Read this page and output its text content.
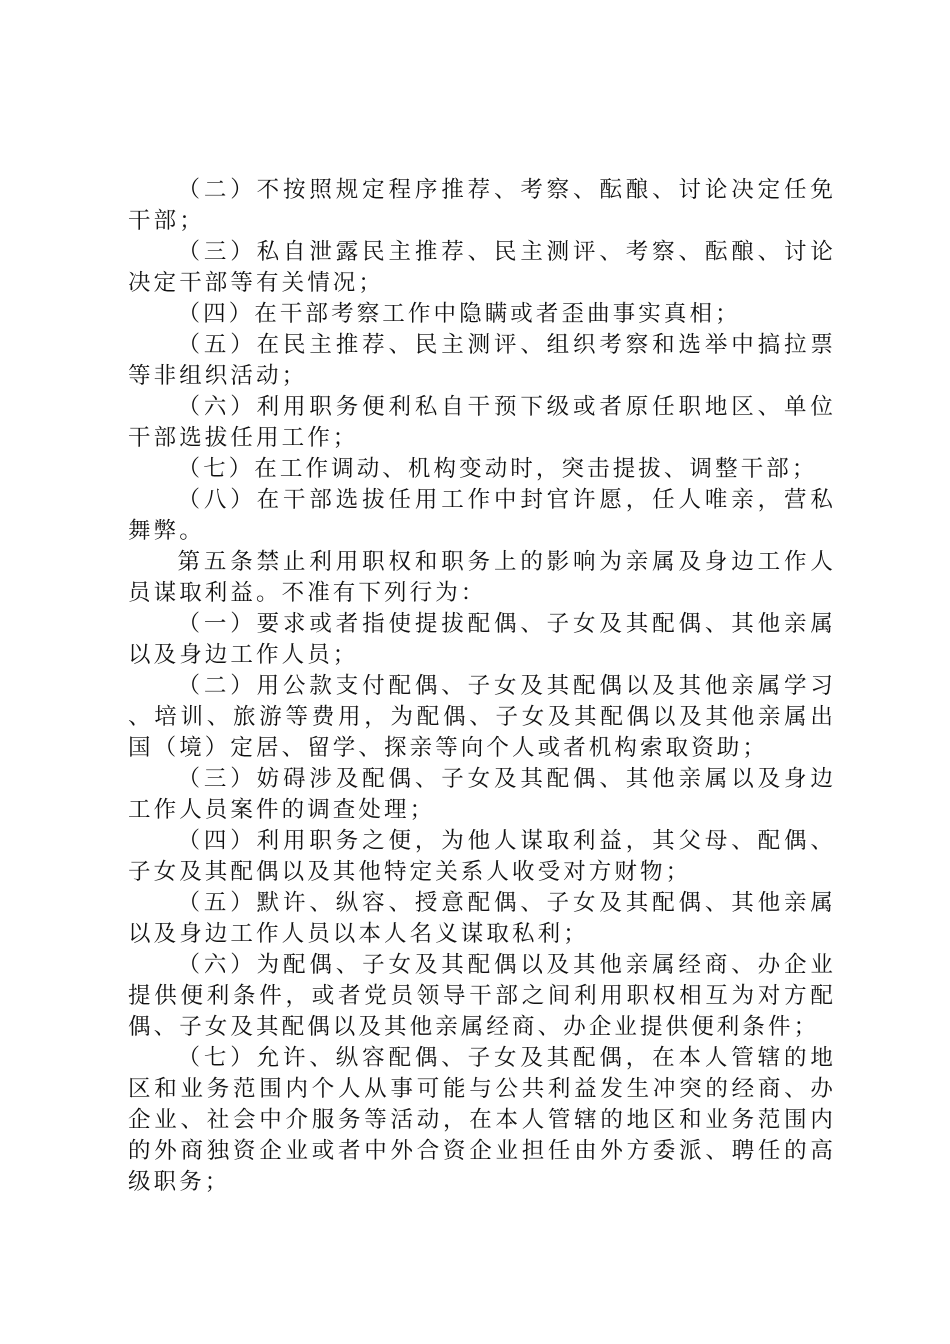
（二）不按照规定程序推荐、考察、酝酿、讨论决定任免干部；

（三）私自泄露民主推荐、民主测评、考察、酝酿、讨论决定干部等有关情况；

（四）在干部考察工作中隐瞒或者歪曲事实真相；

（五）在民主推荐、民主测评、组织考察和选举中搞拉票等非组织活动；

（六）利用职务便利私自干预下级或者原任职地区、单位干部选拔任用工作；

（七）在工作调动、机构变动时，突击提拔、调整干部；

（八）在干部选拔任用工作中封官许愿，任人唯亲，营私舞弊。

第五条禁止利用职权和职务上的影响为亲属及身边工作人员谋取利益。不准有下列行为：

（一）要求或者指使提拔配偶、子女及其配偶、其他亲属以及身边工作人员；

（二）用公款支付配偶、子女及其配偶以及其他亲属学习、培训、旅游等费用，为配偶、子女及其配偶以及其他亲属出国（境）定居、留学、探亲等向个人或者机构索取资助；

（三）妨碍涉及配偶、子女及其配偶、其他亲属以及身边工作人员案件的调查处理；

（四）利用职务之便，为他人谋取利益，其父母、配偶、子女及其配偶以及其他特定关系人收受对方财物；

（五）默许、纵容、授意配偶、子女及其配偶、其他亲属以及身边工作人员以本人名义谋取私利；

（六）为配偶、子女及其配偶以及其他亲属经商、办企业提供便利条件，或者党员领导干部之间利用职权相互为对方配偶、子女及其配偶以及其他亲属经商、办企业提供便利条件；

（七）允许、纵容配偶、子女及其配偶，在本人管辖的地区和业务范围内个人从事可能与公共利益发生冲突的经商、办企业、社会中介服务等活动，在本人管辖的地区和业务范围内的外商独资企业或者中外合资企业担任由外方委派、聘任的高级职务；
